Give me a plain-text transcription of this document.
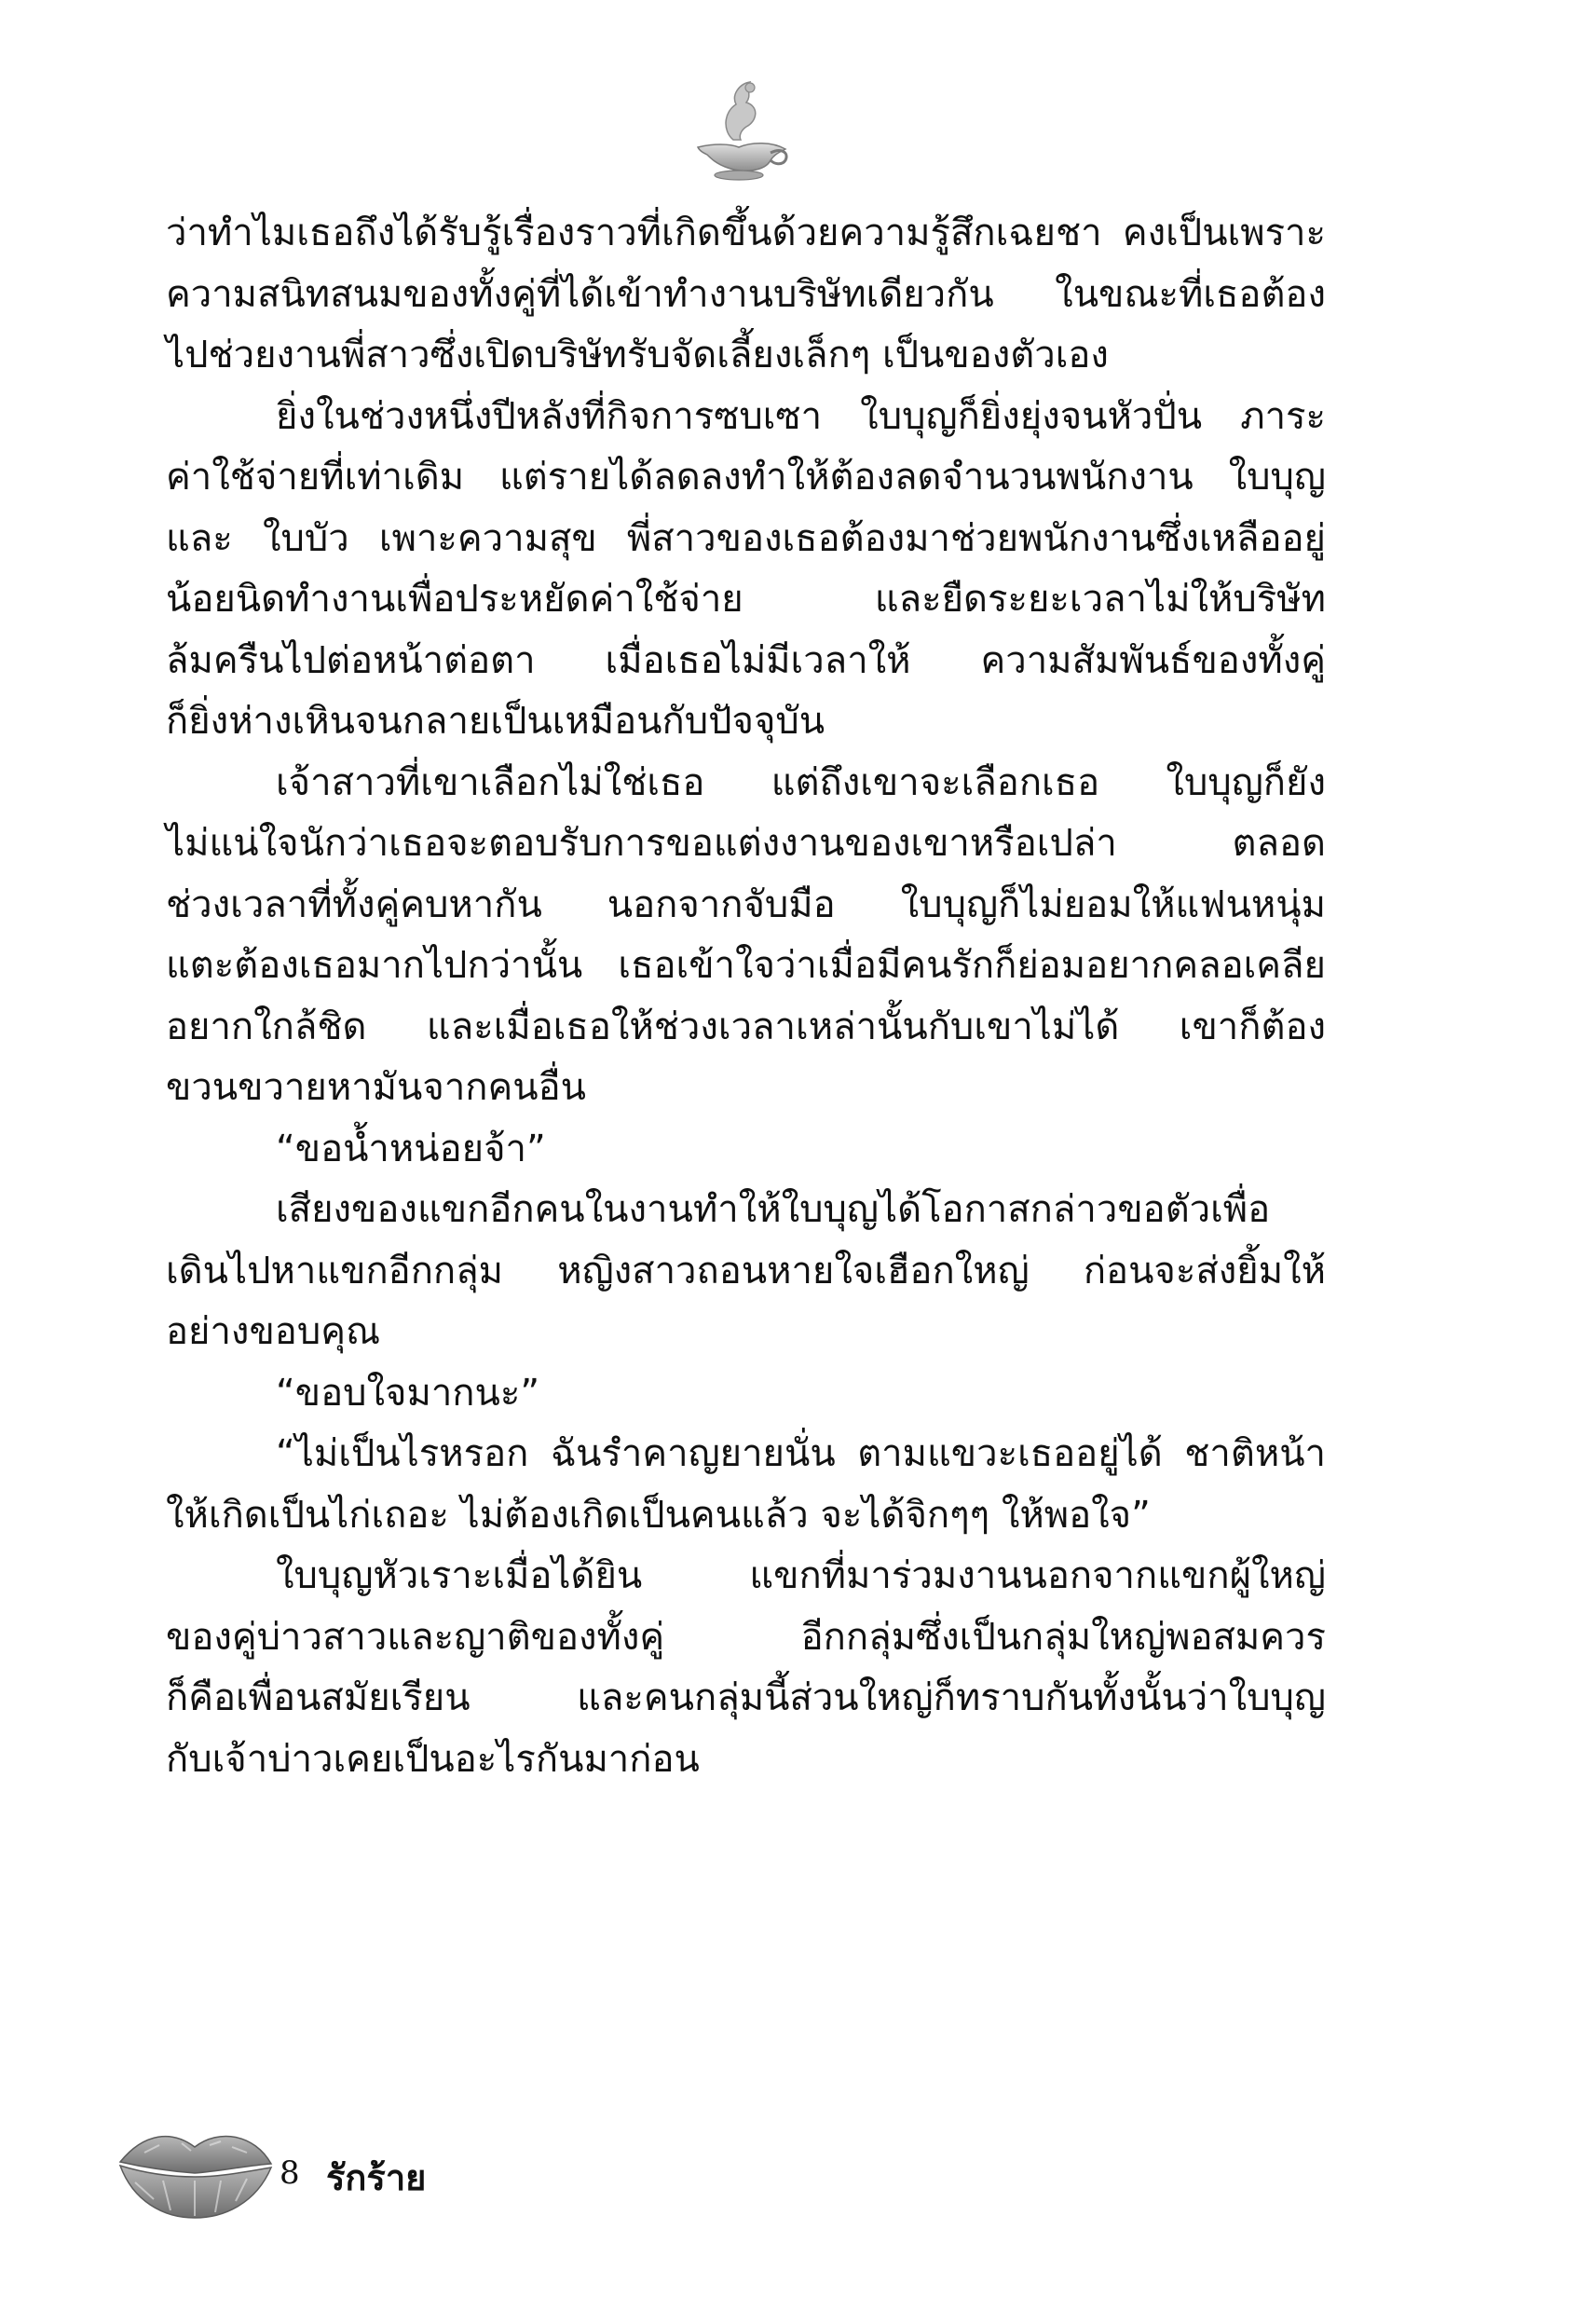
ว่าทำไมเธอถึงได้รับรู้เรื่องราวที่เกิดขึ้นด้วยความรู้สึกเฉยชา คงเป็นเพราะ
ความสนิทสนมของทั้งคู่ที่ได้เข้าทำงานบริษัทเดียวกัน ในขณะที่เธอต้อง
ไปช่วยงานพี่สาวซึ่งเปิดบริษัทรับจัดเลี้ยงเล็กๆ เป็นของตัวเอง
ยิ่งในช่วงหนึ่งปีหลังที่กิจการซบเซา ใบบุญก็ยิ่งยุ่งจนหัวปั่น ภาระ
ค่าใช้จ่ายที่เท่าเดิม แต่รายได้ลดลงทำให้ต้องลดจำนวนพนักงาน ใบบุญ
และ ใบบัว เพาะความสุข พี่สาวของเธอต้องมาช่วยพนักงานซึ่งเหลืออยู่
น้อยนิดทำงานเพื่อประหยัดค่าใช้จ่าย และยืดระยะเวลาไม่ให้บริษัท
ล้มครืนไปต่อหน้าต่อตา เมื่อเธอไม่มีเวลาให้ ความสัมพันธ์ของทั้งคู่
ก็ยิ่งห่างเหินจนกลายเป็นเหมือนกับปัจจุบัน
เจ้าสาวที่เขาเลือกไม่ใช่เธอ แต่ถึงเขาจะเลือกเธอ ใบบุญก็ยัง
ไม่แน่ใจนักว่าเธอจะตอบรับการขอแต่งงานของเขาหรือเปล่า ตลอด
ช่วงเวลาที่ทั้งคู่คบหากัน นอกจากจับมือ ใบบุญก็ไม่ยอมให้แฟนหนุ่ม
แตะต้องเธอมากไปกว่านั้น เธอเข้าใจว่าเมื่อมีคนรักก็ย่อมอยากคลอเคลีย
อยากใกล้ชิด และเมื่อเธอให้ช่วงเวลาเหล่านั้นกับเขาไม่ได้ เขาก็ต้อง
ขวนขวายหามันจากคนอื่น
“ขอน้ำหน่อยจ้า”
เสียงของแขกอีกคนในงานทำให้ใบบุญได้โอกาสกล่าวขอตัวเพื่อ
เดินไปหาแขกอีกกลุ่ม หญิงสาวถอนหายใจเฮือกใหญ่ ก่อนจะส่งยิ้มให้
อย่างขอบคุณ
“ขอบใจมากนะ”
“ไม่เป็นไรหรอก ฉันรำคาญยายนั่น ตามแขวะเธออยู่ได้ ชาติหน้า
ให้เกิดเป็นไก่เถอะ ไม่ต้องเกิดเป็นคนแล้ว จะได้จิกๆๆ ให้พอใจ”
ใบบุญหัวเราะเมื่อได้ยิน แขกที่มาร่วมงานนอกจากแขกผู้ใหญ่
ของคู่บ่าวสาวและญาติของทั้งคู่ อีกกลุ่มซึ่งเป็นกลุ่มใหญ่พอสมควร
ก็คือเพื่อนสมัยเรียน และคนกลุ่มนี้ส่วนใหญ่ก็ทราบกันทั้งนั้นว่าใบบุญ
กับเจ้าบ่าวเคยเป็นอะไรกันมาก่อน
8 รักร้าย
